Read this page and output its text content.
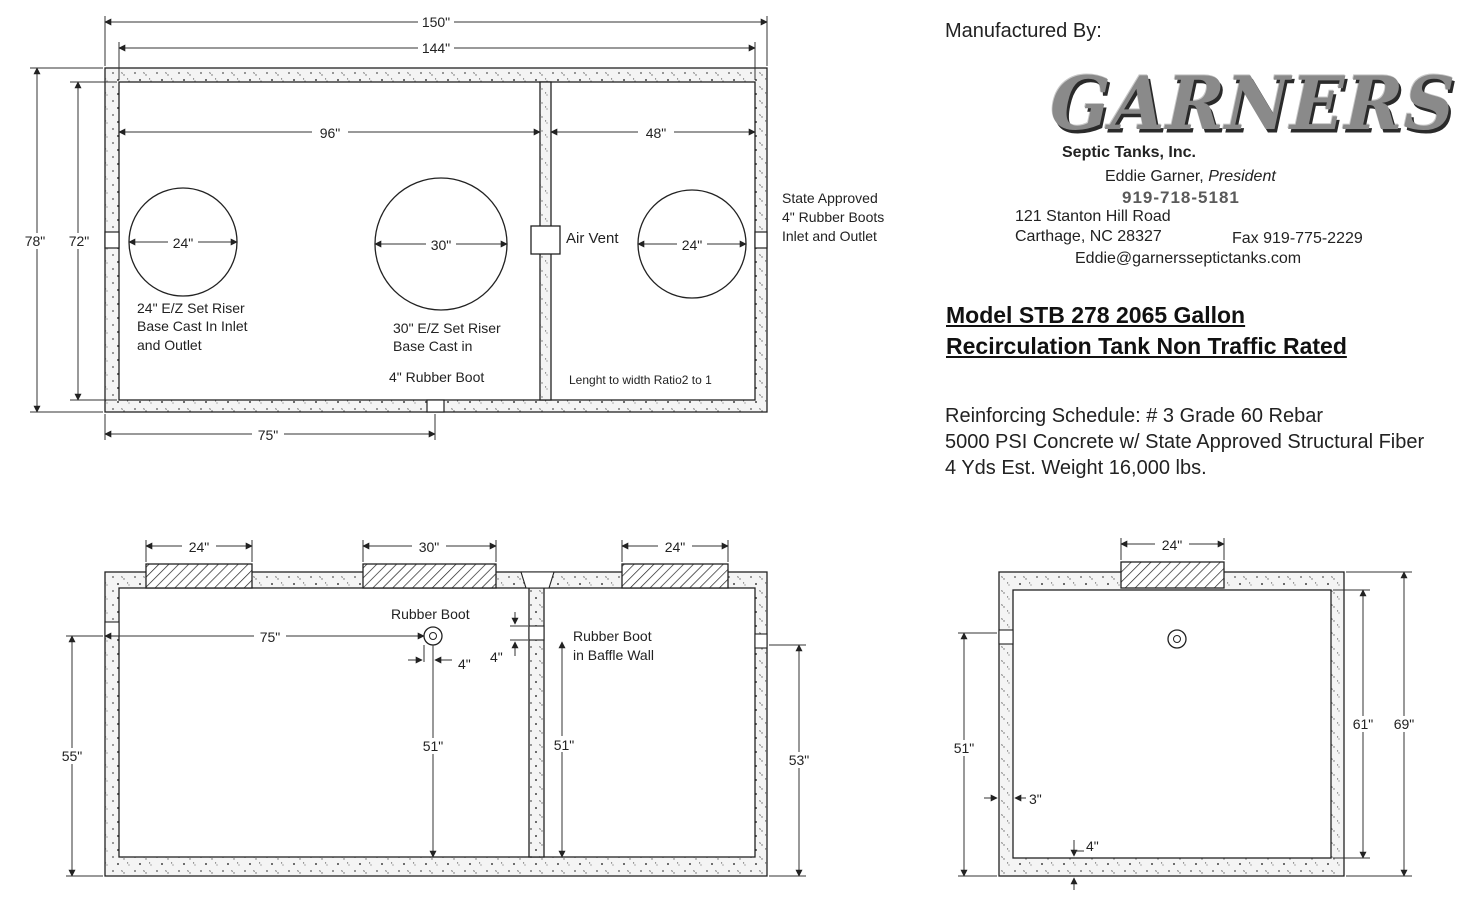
24"	30"	24"
150"
144"
96"	48"
78" 72"
75"
Air Vent
State Approved
4" Rubber Boots
Inlet and Outlet
24" E/Z Set Riser
Base Cast In Inlet
and Outlet
30" E/Z Set Riser
Base Cast in
4" Rubber Boot	Lenght to width Ratio2 to 1
24"	30"	24"
75"
Rubber Boot
4"
51"
4"
Rubber Boot
in Baffle Wall
51"
55"	53"
24"
51"
3"
4"
61" 69"
Manufactured By:
GARNERS
Septic Tanks, Inc.
Eddie Garner, President
919-718-5181
121 Stanton Hill Road
Carthage, NC 28327	Fax 919-775-2229
Eddie@garnersseptictanks.com
Model STB 278 2065 Gallon
Recirculation Tank Non Traffic Rated
Reinforcing Schedule: # 3 Grade 60 Rebar
5000 PSI Concrete w/ State Approved Structural Fiber
4 Yds Est. Weight 16,000 lbs.
